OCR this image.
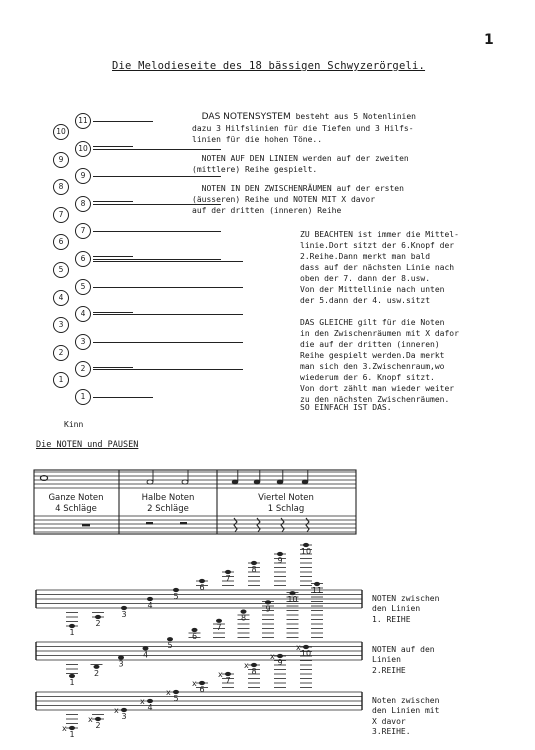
1
Die Melodieseite des 18 bässigen Schwyzerörgeli.
10
9
8
7
6
5
4
3
2
1
11
10
9
8
7
6
5
4
3
2
1
Kinn

DAS NOTENSYSTEM besteht aus 5 Notenlinien
dazu 3 Hilfslinien für die Tiefen und 3 Hilfs-
linien für die hohen Töne..

NOTEN AUF DEN LINIEN werden auf der zweiten
(mittlere) Reihe gespielt.

NOTEN IN DEN ZWISCHENRÄUMEN auf der ersten
(äusseren) Reihe und NOTEN MIT X davor
auf der dritten (inneren) Reihe

ZU BEACHTEN ist immer die Mittel-
linie.Dort sitzt der 6.Knopf der
2.Reihe.Dann merkt man bald
dass auf der nächsten Linie nach
oben der 7. dann der 8.usw.
Von der Mittellinie nach unten
der 5.dann der 4. usw.sitzt

DAS GLEICHE gilt für die Noten
in den Zwischenräumen mit X dafor
die auf der dritten (inneren)
Reihe gespielt werden.Da merkt
man sich den 3.Zwischenraum,wo
wiederum der 6. Knopf sitzt.
Von dort zählt man wieder weiter
zu den nächsten Zwischenräumen.

SO EINFACH IST DAS.
Die NOTEN und PAUSEN
Ganze Noten
4 Schläge
Halbe Noten
2 Schläge
Viertel Noten
1 Schlag
1
2
3
4
5
6
7
8
9
10
1
2
3
4
5
6
7
8
9
10
11
x
1
x
2
x
3
x
4
x
5
x
6
x
7
x
8
x
9
x
10

NOTEN zwischen
den Linien
1. REIHE

NOTEN auf den
Linien
2.REIHE

Noten zwischen
den Linien mit
X davor
3.REIHE.
